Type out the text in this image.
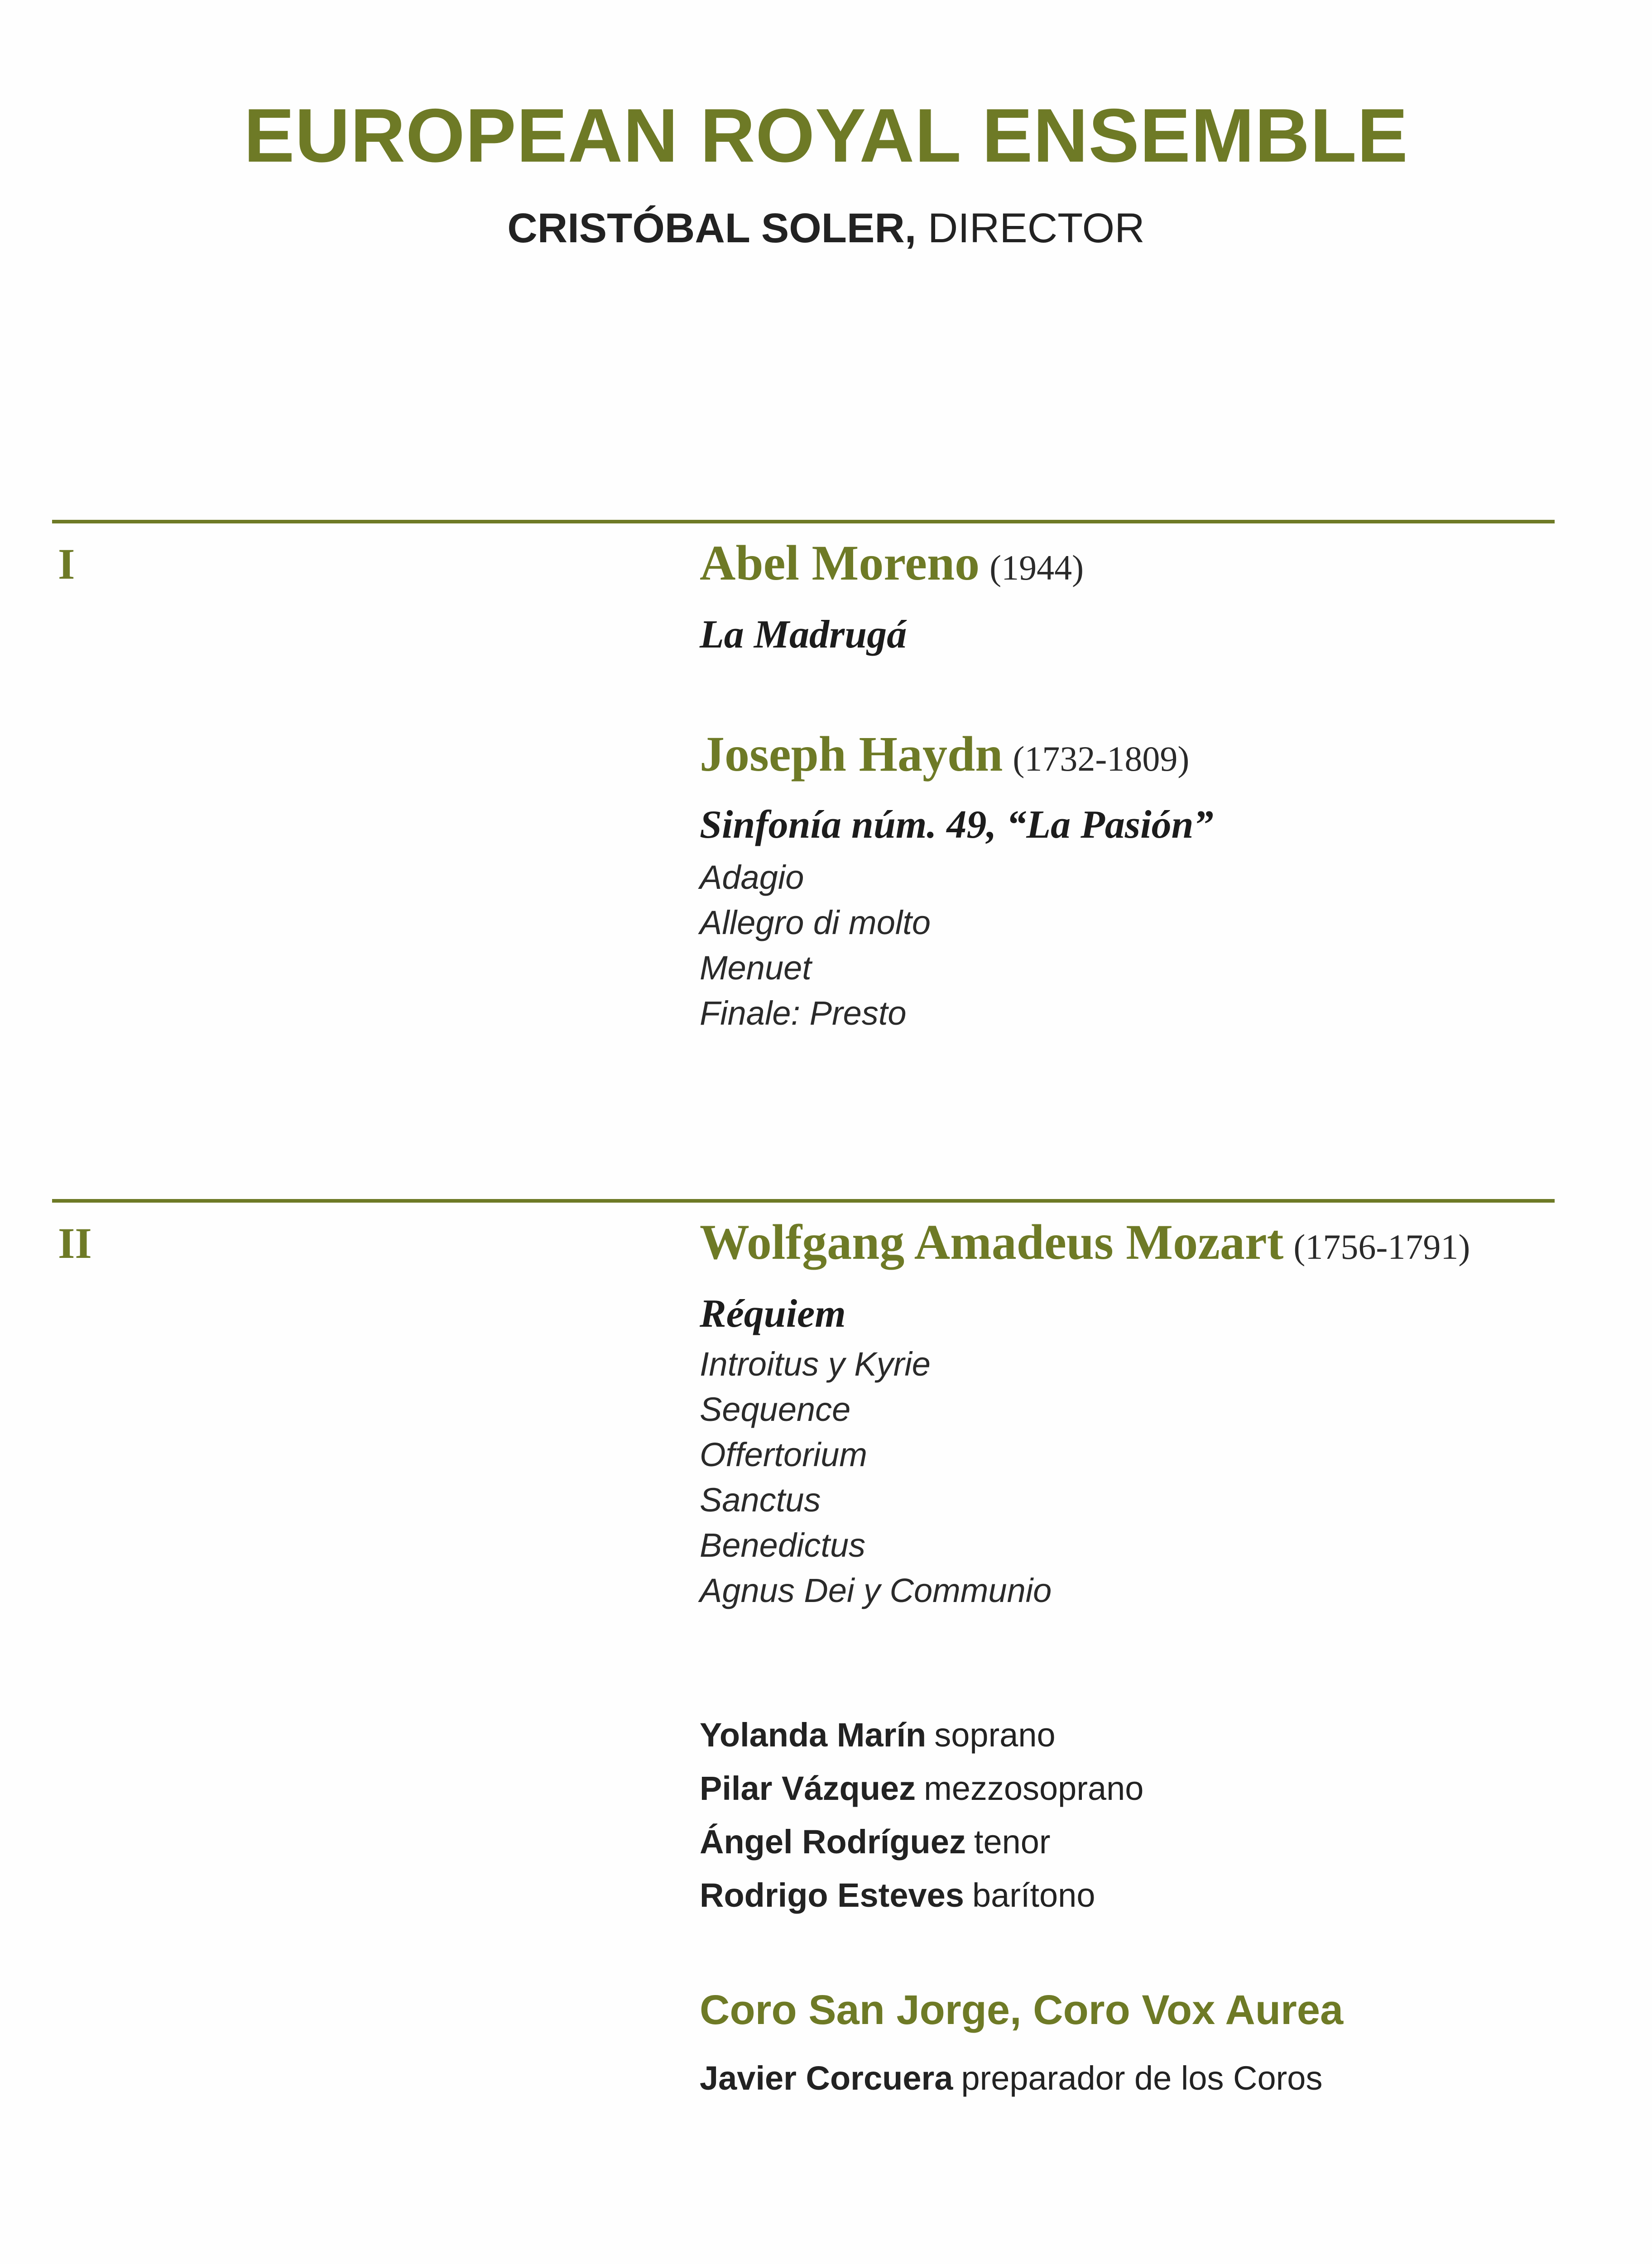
EUROPEAN ROYAL ENSEMBLE
CRISTÓBAL SOLER, DIRECTOR
I	Abel Moreno (1944)
La Madrugá
Joseph Haydn (1732-1809)
Sinfonía núm. 49, “La Pasión”
Adagio
Allegro di molto
Menuet
Finale: Presto
II	Wolfgang Amadeus Mozart (1756-1791)
Réquiem
Introitus y Kyrie
Sequence
Offertorium
Sanctus
Benedictus
Agnus Dei y Communio
Yolanda Marín soprano
Pilar Vázquez mezzosoprano
Ángel Rodríguez tenor
Rodrigo Esteves barítono
Coro San Jorge, Coro Vox Aurea
Javier Corcuera preparador de los Coros
